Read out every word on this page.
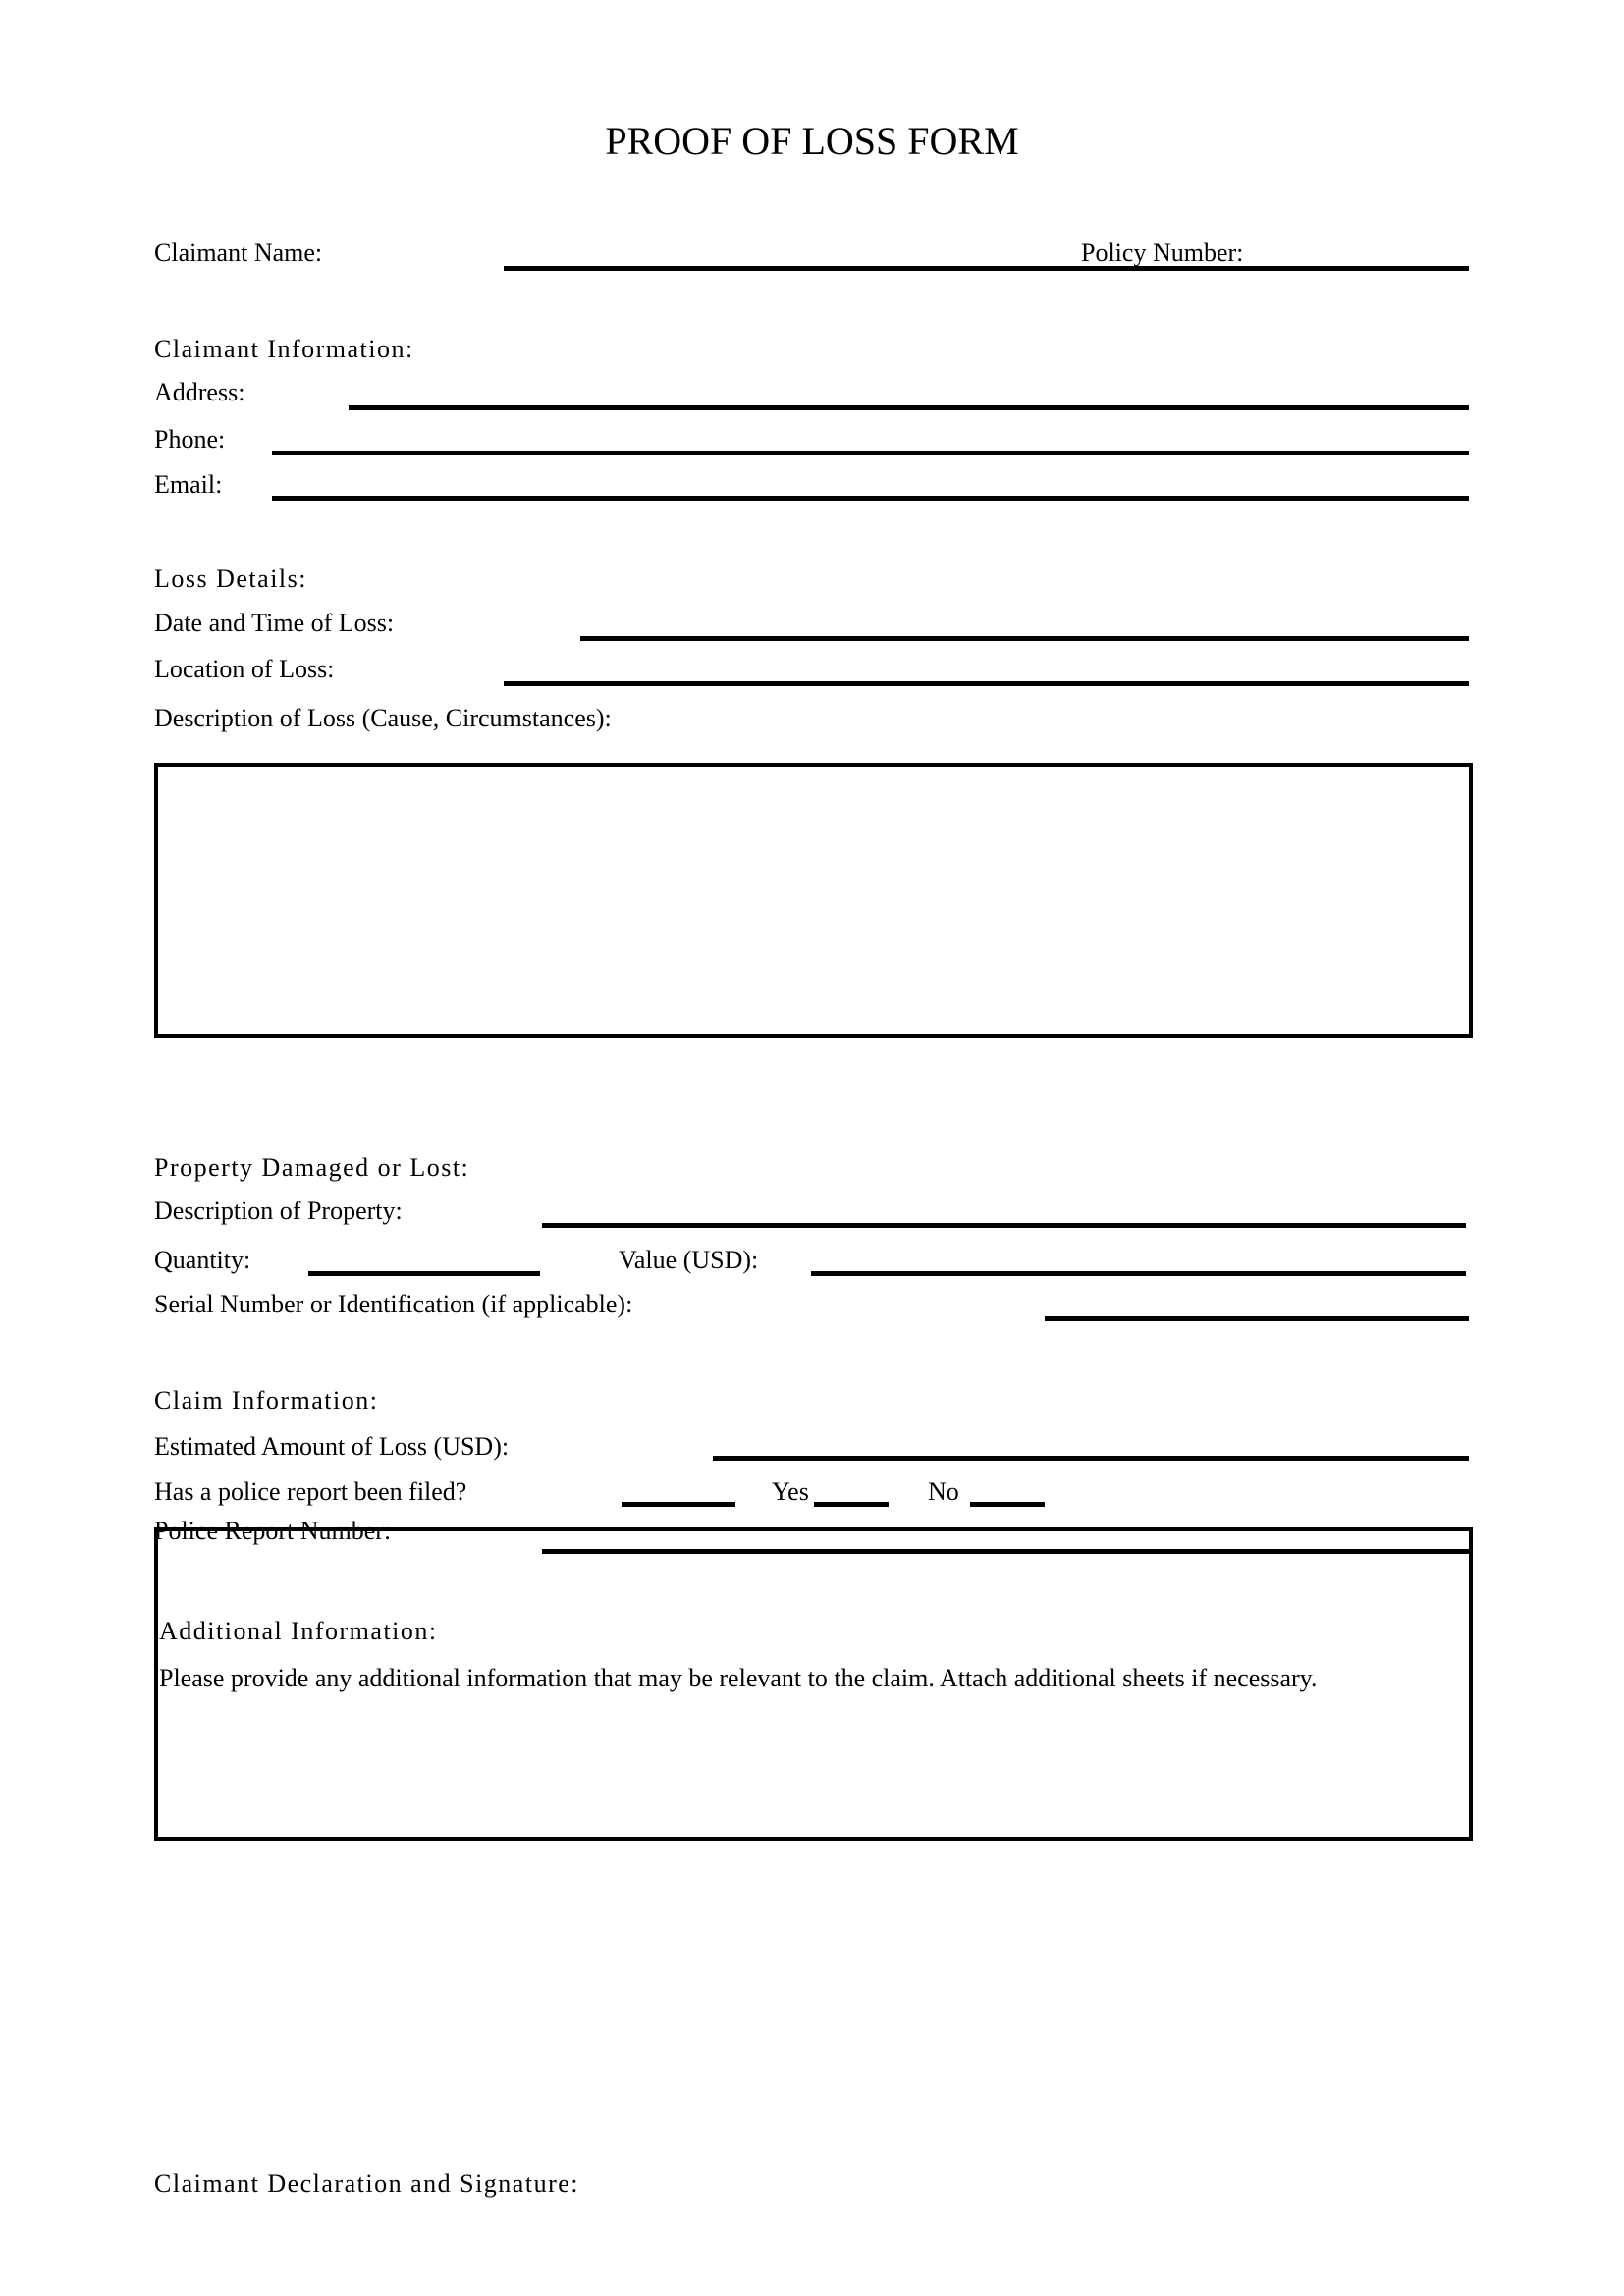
PROOF OF LOSS FORM
Claimant Name:	Policy Number:
Claimant Information:
Address:
Phone:
Email:
Loss Details:
Date and Time of Loss:
Location of Loss:
Description of Loss (Cause, Circumstances):
Property Damaged or Lost:
Description of Property:
Quantity:	Value (USD):
Serial Number or Identification (if applicable):
Claim Information:
Estimated Amount of Loss (USD):
Has a police report been filed?	Yes	No
Police Report Number:
Additional Information:
Please provide any additional information that may be relevant to the claim. Attach additional sheets if necessary.
Claimant Declaration and Signature:
